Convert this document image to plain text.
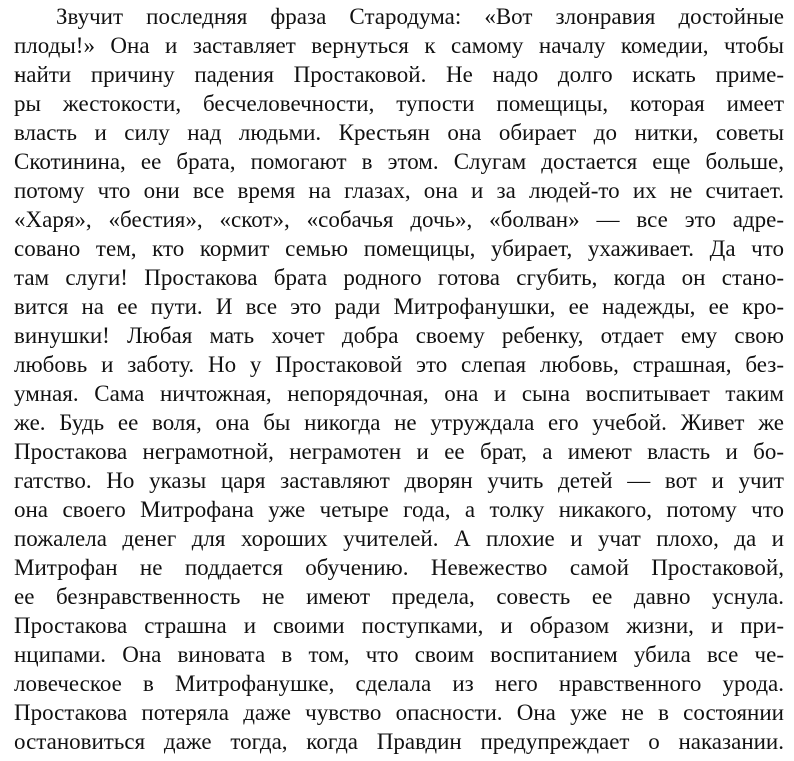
Звучит последняя фраза Стародума: «Вот злонравия достойные
плоды!» Она и заставляет вернуться к самому началу комедии, чтобы
найти причину падения Простаковой. Не надо долго искать приме-
ры жестокости, бесчеловечности, тупости помещицы, которая имеет
власть и силу над людьми. Крестьян она обирает до нитки, советы
Скотинина, ее брата, помогают в этом. Слугам достается еще больше,
потому что они все время на глазах, она и за людей-то их не считает.
«Харя», «бестия», «скот», «собачья дочь», «болван» — все это адре-
совано тем, кто кормит семью помещицы, убирает, ухаживает. Да что
там слуги! Простакова брата родного готова сгубить, когда он стано-
вится на ее пути. И все это ради Митрофанушки, ее надежды, ее кро-
винушки! Любая мать хочет добра своему ребенку, отдает ему свою
любовь и заботу. Но у Простаковой это слепая любовь, страшная, без-
умная. Сама ничтожная, непорядочная, она и сына воспитывает таким
же. Будь ее воля, она бы никогда не утруждала его учебой. Живет же
Простакова неграмотной, неграмотен и ее брат, а имеют власть и бо-
гатство. Но указы царя заставляют дворян учить детей — вот и учит
она своего Митрофана уже четыре года, а толку никакого, потому что
пожалела денег для хороших учителей. А плохие и учат плохо, да и
Митрофан не поддается обучению. Невежество самой Простаковой,
ее безнравственность не имеют предела, совесть ее давно уснула.
Простакова страшна и своими поступками, и образом жизни, и при-
нципами. Она виновата в том, что своим воспитанием убила все че-
ловеческое в Митрофанушке, сделала из него нравственного урода.
Простакова потеряла даже чувство опасности. Она уже не в состоянии
остановиться даже тогда, когда Правдин предупреждает о наказании.
